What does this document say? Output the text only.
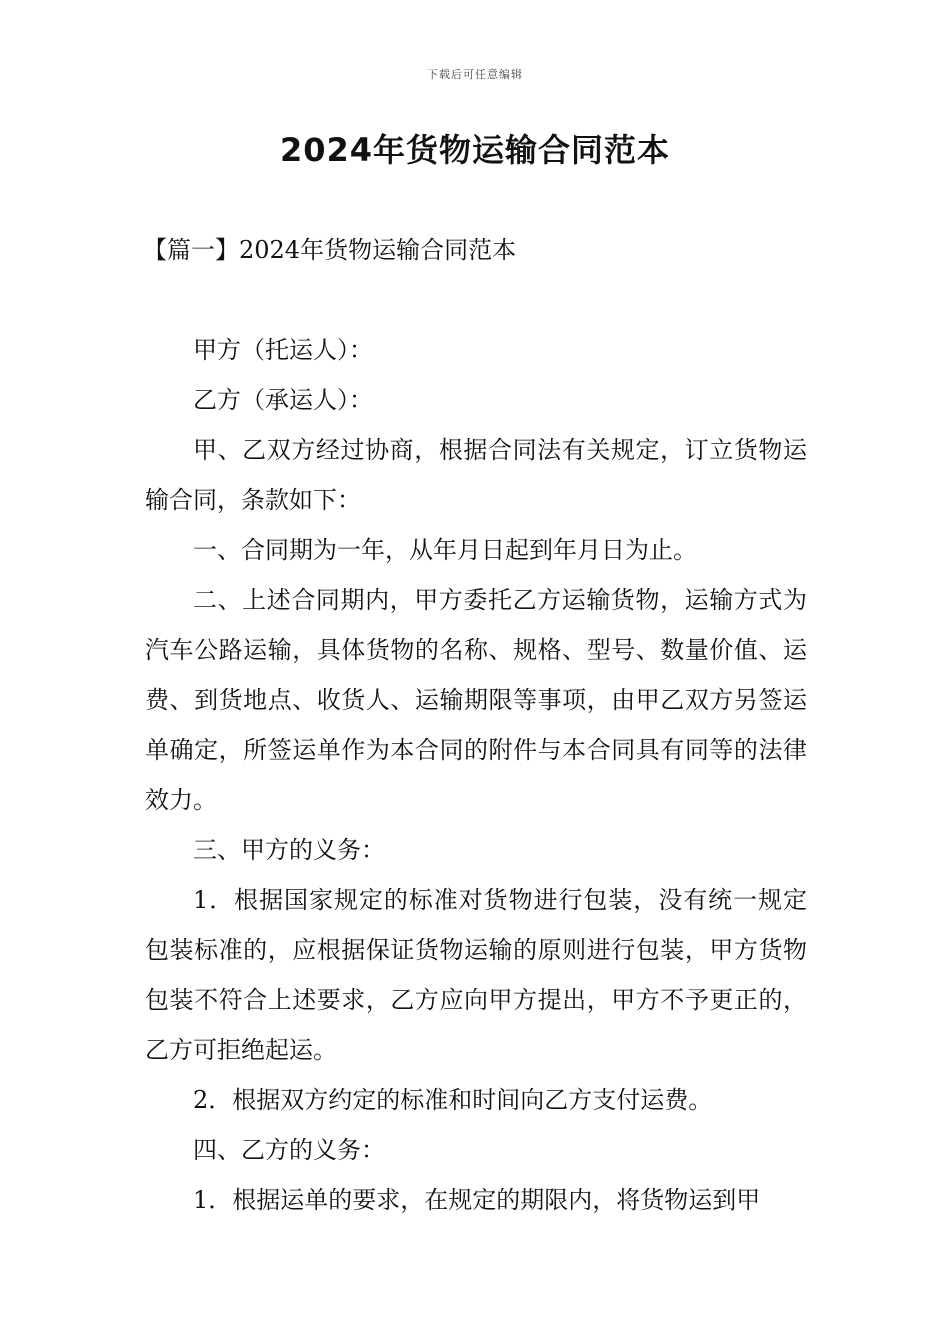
下载后可任意编辑
2024年货物运输合同范本
【篇一】2024年货物运输合同范本

甲方（托运人）：

乙方（承运人）：

甲、乙双方经过协商，根据合同法有关规定，订立货物运输合同，条款如下：

一、合同期为一年，从年月日起到年月日为止。

二、上述合同期内，甲方委托乙方运输货物，运输方式为汽车公路运输，具体货物的名称、规格、型号、数量价值、运费、到货地点、收货人、运输期限等事项，由甲乙双方另签运单确定，所签运单作为本合同的附件与本合同具有同等的法律效力。

三、甲方的义务：

1．根据国家规定的标准对货物进行包装，没有统一规定包装标准的，应根据保证货物运输的原则进行包装，甲方货物包装不符合上述要求，乙方应向甲方提出，甲方不予更正的，乙方可拒绝起运。

2．根据双方约定的标准和时间向乙方支付运费。

四、乙方的义务：

1．根据运单的要求，在规定的期限内，将货物运到甲
